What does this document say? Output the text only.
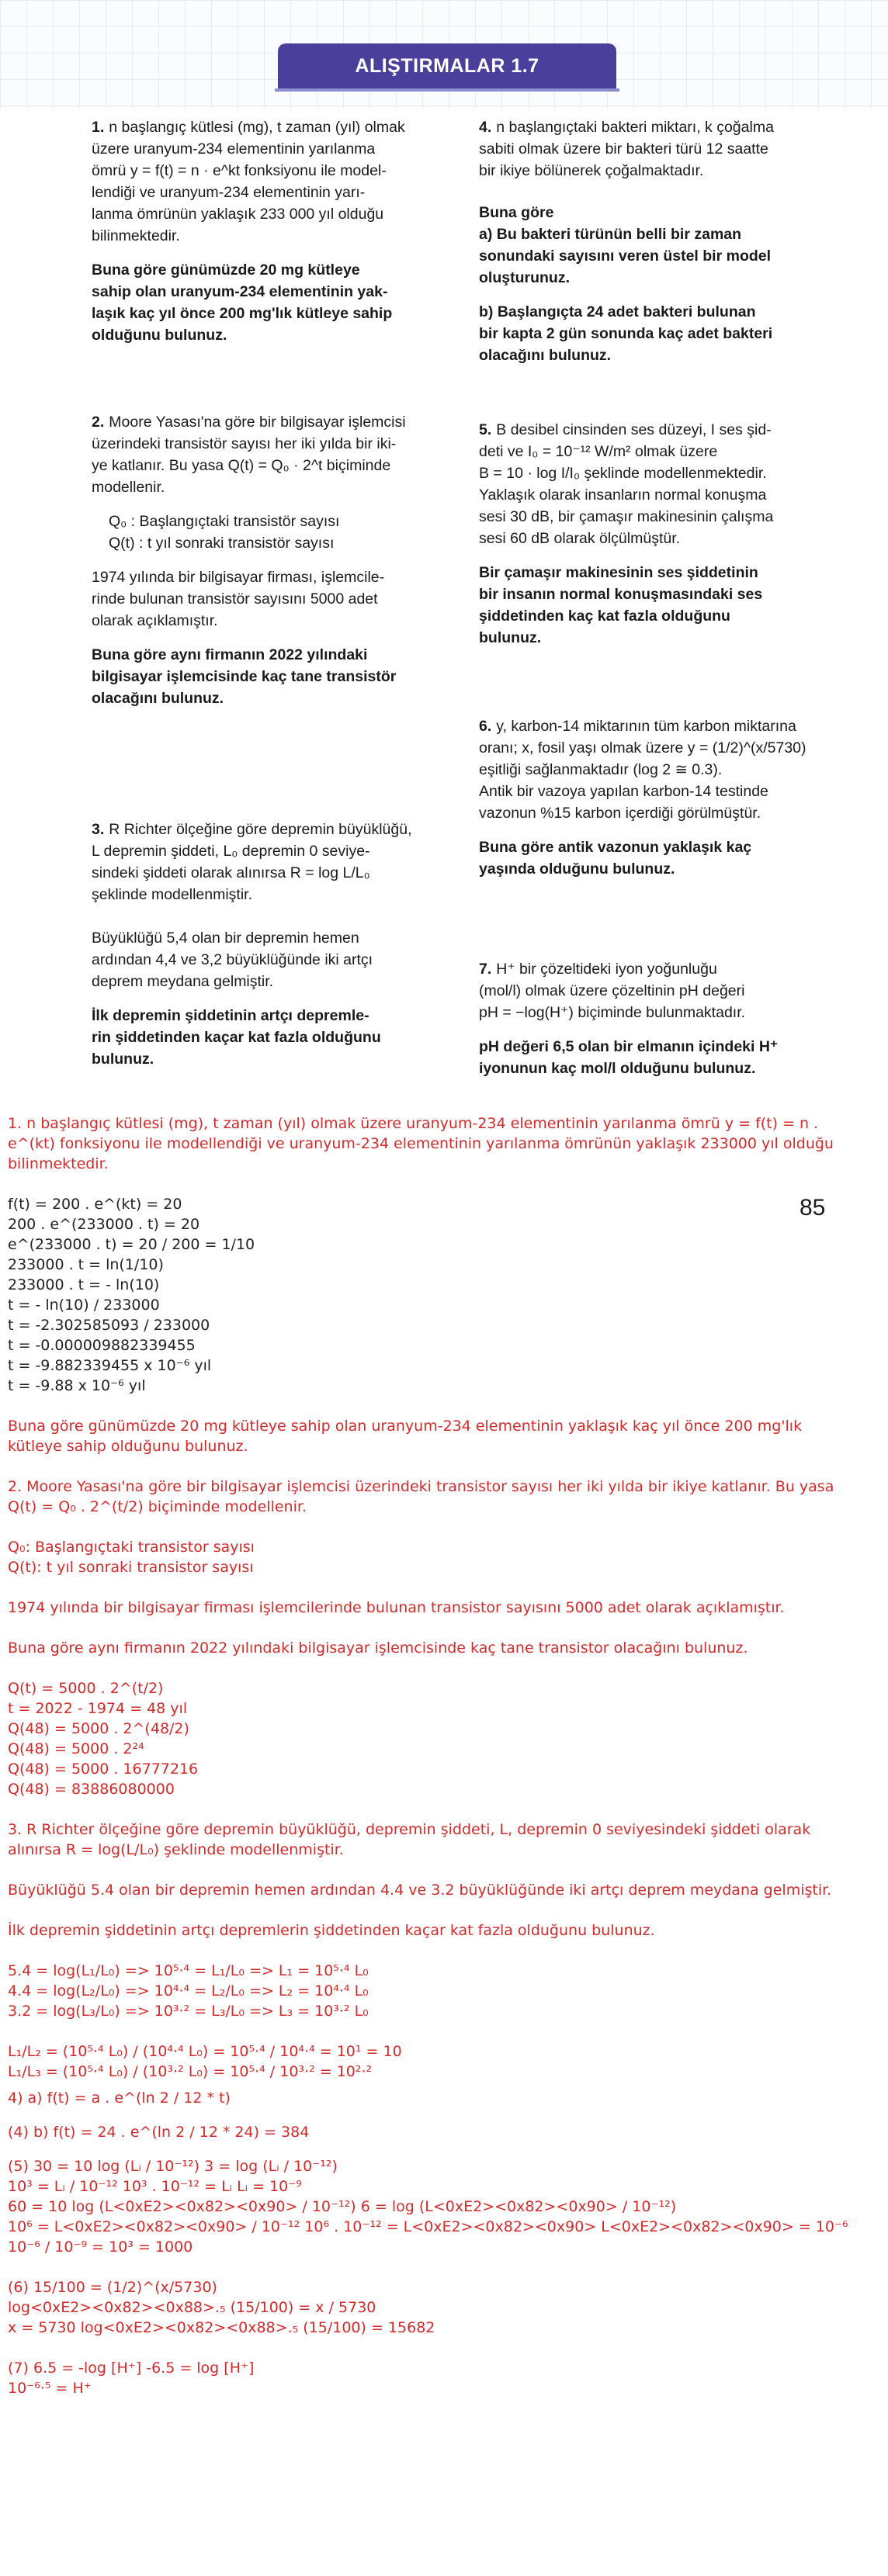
ALIŞTIRMALAR 1.7

1. n başlangıç kütlesi (mg), t zaman (yıl) olmak
üzere uranyum-234 elementinin yarılanma
ömrü y = f(t) = n · e^kt fonksiyonu ile model-
lendiği ve uranyum-234 elementinin yarı-
lanma ömrünün yaklaşık 233 000 yıl olduğu
bilinmektedir.

Buna göre günümüzde 20 mg kütleye
sahip olan uranyum-234 elementinin yak-
laşık kaç yıl önce 200 mg'lık kütleye sahip
olduğunu bulunuz.

2. Moore Yasası'na göre bir bilgisayar işlemcisi
üzerindeki transistör sayısı her iki yılda bir iki-
ye katlanır. Bu yasa Q(t) = Q₀ · 2^t biçiminde
modellenir.

Q₀ : Başlangıçtaki transistör sayısı
Q(t) : t yıl sonraki transistör sayısı

1974 yılında bir bilgisayar firması, işlemcile-
rinde bulunan transistör sayısını 5000 adet
olarak açıklamıştır.

Buna göre aynı firmanın 2022 yılındaki
bilgisayar işlemcisinde kaç tane transistör
olacağını bulunuz.

3. R Richter ölçeğine göre depremin büyüklüğü,
L depremin şiddeti, L₀ depremin 0 seviye-
sindeki şiddeti olarak alınırsa R = log L/L₀
şeklinde modellenmiştir.

Büyüklüğü 5,4 olan bir depremin hemen
ardından 4,4 ve 3,2 büyüklüğünde iki artçı
deprem meydana gelmiştir.

İlk depremin şiddetinin artçı depremle-
rin şiddetinden kaçar kat fazla olduğunu
bulunuz.

4. n başlangıçtaki bakteri miktarı, k çoğalma
sabiti olmak üzere bir bakteri türü 12 saatte
bir ikiye bölünerek çoğalmaktadır.

Buna göre
a) Bu bakteri türünün belli bir zaman
sonundaki sayısını veren üstel bir model
oluşturunuz.

b) Başlangıçta 24 adet bakteri bulunan
bir kapta 2 gün sonunda kaç adet bakteri
olacağını bulunuz.

5. B desibel cinsinden ses düzeyi, I ses şid-
deti ve I₀ = 10⁻¹² W/m² olmak üzere
B = 10 · log I/I₀ şeklinde modellenmektedir.
Yaklaşık olarak insanların normal konuşma
sesi 30 dB, bir çamaşır makinesinin çalışma
sesi 60 dB olarak ölçülmüştür.

Bir çamaşır makinesinin ses şiddetinin
bir insanın normal konuşmasındaki ses
şiddetinden kaç kat fazla olduğunu
bulunuz.

6. y, karbon-14 miktarının tüm karbon miktarına
oranı; x, fosil yaşı olmak üzere y = (1/2)^(x/5730)
eşitliği sağlanmaktadır (log 2 ≅ 0.3).
Antik bir vazoya yapılan karbon-14 testinde
vazonun %15 karbon içerdiği görülmüştür.

Buna göre antik vazonun yaklaşık kaç
yaşında olduğunu bulunuz.

7. H⁺ bir çözeltideki iyon yoğunluğu
(mol/l) olmak üzere çözeltinin pH değeri
pH = −log(H⁺) biçiminde bulunmaktadır.

pH değeri 6,5 olan bir elmanın içindeki H⁺
iyonunun kaç mol/l olduğunu bulunuz.

85
1. n başlangıç kütlesi (mg), t zaman (yıl) olmak üzere uranyum-234 elementinin yarılanma ömrü y = f(t) = n .
e^(kt) fonksiyonu ile modellendiği ve uranyum-234 elementinin yarılanma ömrünün yaklaşık 233000 yıl olduğu
bilinmektedir.
f(t) = 200 . e^(kt) = 20
200 . e^(233000 . t) = 20
e^(233000 . t) = 20 / 200 = 1/10
233000 . t = ln(1/10)
233000 . t = - ln(10)
t = - ln(10) / 233000
t = -2.302585093 / 233000
t = -0.000009882339455
t = -9.882339455 x 10⁻⁶ yıl
t = -9.88 x 10⁻⁶ yıl
Buna göre günümüzde 20 mg kütleye sahip olan uranyum-234 elementinin yaklaşık kaç yıl önce 200 mg'lık
kütleye sahip olduğunu bulunuz.
2. Moore Yasası'na göre bir bilgisayar işlemcisi üzerindeki transistor sayısı her iki yılda bir ikiye katlanır. Bu yasa
Q(t) = Q₀ . 2^(t/2) biçiminde modellenir.
Q₀: Başlangıçtaki transistor sayısı
Q(t): t yıl sonraki transistor sayısı
1974 yılında bir bilgisayar firması işlemcilerinde bulunan transistor sayısını 5000 adet olarak açıklamıştır.
Buna göre aynı firmanın 2022 yılındaki bilgisayar işlemcisinde kaç tane transistor olacağını bulunuz.
Q(t) = 5000 . 2^(t/2)
t = 2022 - 1974 = 48 yıl
Q(48) = 5000 . 2^(48/2)
Q(48) = 5000 . 2²⁴
Q(48) = 5000 . 16777216
Q(48) = 83886080000
3. R Richter ölçeğine göre depremin büyüklüğü, depremin şiddeti, L, depremin 0 seviyesindeki şiddeti olarak
alınırsa R = log(L/L₀) şeklinde modellenmiştir.
Büyüklüğü 5.4 olan bir depremin hemen ardından 4.4 ve 3.2 büyüklüğünde iki artçı deprem meydana gelmiştir.
İlk depremin şiddetinin artçı depremlerin şiddetinden kaçar kat fazla olduğunu bulunuz.
5.4 = log(L₁/L₀) => 10⁵·⁴ = L₁/L₀ => L₁ = 10⁵·⁴ L₀
4.4 = log(L₂/L₀) => 10⁴·⁴ = L₂/L₀ => L₂ = 10⁴·⁴ L₀
3.2 = log(L₃/L₀) => 10³·² = L₃/L₀ => L₃ = 10³·² L₀
L₁/L₂ = (10⁵·⁴ L₀) / (10⁴·⁴ L₀) = 10⁵·⁴ / 10⁴·⁴ = 10¹ = 10
L₁/L₃ = (10⁵·⁴ L₀) / (10³·² L₀) = 10⁵·⁴ / 10³·² = 10²·²
4) a) f(t) = a . e^(ln 2 / 12 * t)
(4) b) f(t) = 24 . e^(ln 2 / 12 * 24) = 384
(5) 30 = 10 log (Lᵢ / 10⁻¹²) 3 = log (Lᵢ / 10⁻¹²)
10³ = Lᵢ / 10⁻¹² 10³ . 10⁻¹² = Lᵢ Lᵢ = 10⁻⁹
60 = 10 log (L<0xE2><0x82><0x90> / 10⁻¹²) 6 = log (L<0xE2><0x82><0x90> / 10⁻¹²)
10⁶ = L<0xE2><0x82><0x90> / 10⁻¹² 10⁶ . 10⁻¹² = L<0xE2><0x82><0x90> L<0xE2><0x82><0x90> = 10⁻⁶
10⁻⁶ / 10⁻⁹ = 10³ = 1000
(6) 15/100 = (1/2)^(x/5730)
log<0xE2><0x82><0x88>.₅ (15/100) = x / 5730
x = 5730 log<0xE2><0x82><0x88>.₅ (15/100) = 15682
(7) 6.5 = -log [H⁺] -6.5 = log [H⁺]
10⁻⁶·⁵ = H⁺
